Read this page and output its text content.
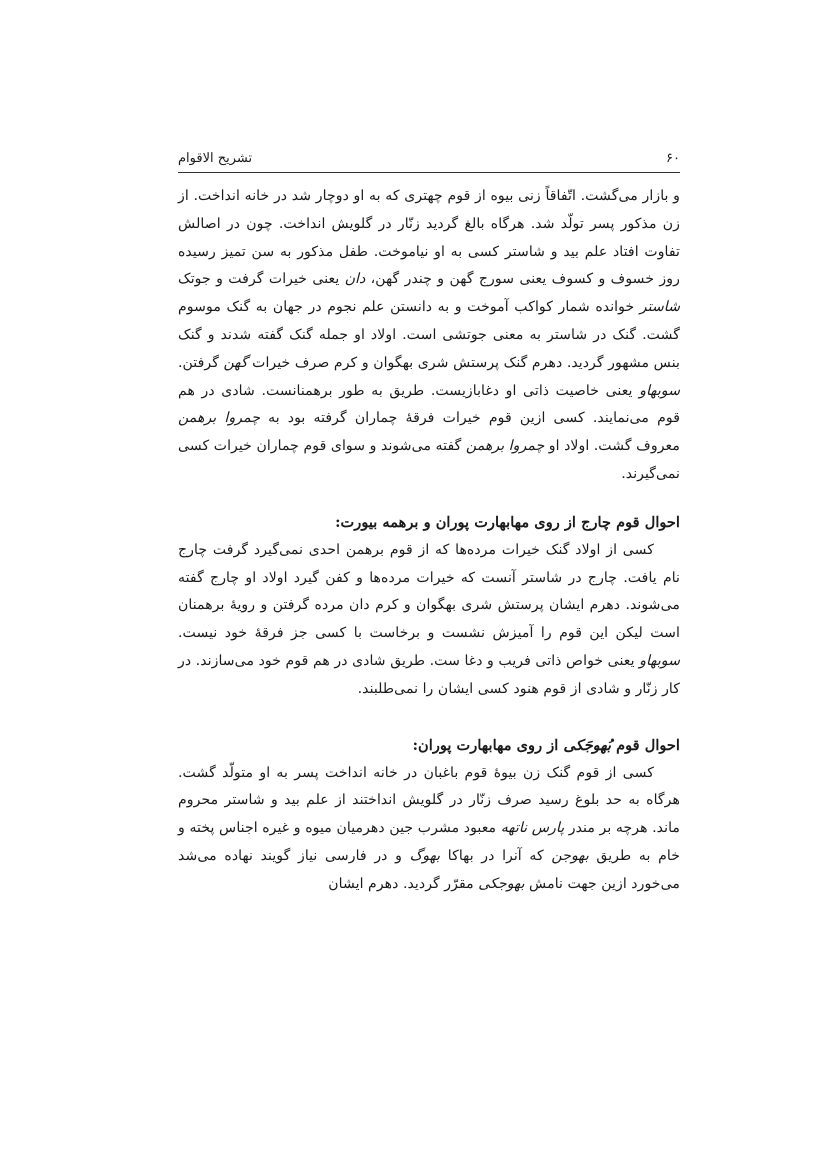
۶۰
تشریح الاقوام

و بازار می‌گشت. اتّفاقاً زنی بیوه از قوم چهتری که به او دوچار شد در خانه انداخت. از زن مذکور پسر تولّد شد. هرگاه بالغ گردید زنّار در گلویش انداخت. چون در اصالش تفاوت افتاد علم بید و شاستر کسی به او نیاموخت. طفل مذکور به سن تمیز رسیده روز خسوف و کسوف یعنی سورج گهن و چندر گهن، دان یعنی خیرات گرفت و جوتک شاستر خوانده شمار کواکب آموخت و به دانستن علم نجوم در جهان به گنک موسوم گشت. گنک در شاستر به معنی جوتشی است. اولاد او جمله گنک گفته شدند و گنک بنس مشهور گردید. دهرم گنک پرستش شری بهگوان و کرم صرف خیرات گهن گرفتن. سوبهاو یعنی خاصیت ذاتی او دغابازیست. طریق به طور برهمنانست. شادی در هم قوم می‌نمایند. کسی ازین قوم خیرات فرقهٔ چماران گرفته بود به چمروا برهمن معروف گشت. اولاد او چمروا برهمن گفته می‌شوند و سوای قوم چماران خیرات کسی نمی‌گیرند.

احوال قوم چارج از روی مهابهارت پوران و برهمه بیورت:

کسی از اولاد گنک خیرات مرده‌ها که از قوم برهمن احدی نمی‌گیرد گرفت چارج نام یافت. چارج در شاستر آنست که خیرات مرده‌ها و کفن گیرد اولاد او چارج گفته می‌شوند. دهرم ایشان پرستش شری بهگوان و کرم دان مرده گرفتن و رویهٔ برهمنان است لیکن این قوم را آمیزش نشست و برخاست با کسی جز فرقهٔ خود نیست. سوبهاو یعنی خواص ذاتی فریب و دغا ست. طریق شادی در هم قوم خود می‌سازند. در کار زنّار و شادی از قوم هنود کسی ایشان را نمی‌طلبند.

احوال قوم بُهوجَکی از روی مهابهارت پوران:

کسی از قوم گنک زن بیوهٔ قوم باغبان در خانه انداخت پسر به او متولّد گشت. هرگاه به حد بلوغ رسید صرف زنّار در گلویش انداختند از علم بید و شاستر محروم ماند. هرچه بر مندر پارس ناتهه معبود مشرب جین دهرمیان میوه و غیره اجناس پخته و خام به طریق بهوجن که آنرا در بهاکا بهوگ و در فارسی نیاز گویند نهاده می‌شد می‌خورد ازین جهت نامش بهوجکی مقرّر گردید. دهرم ایشان
